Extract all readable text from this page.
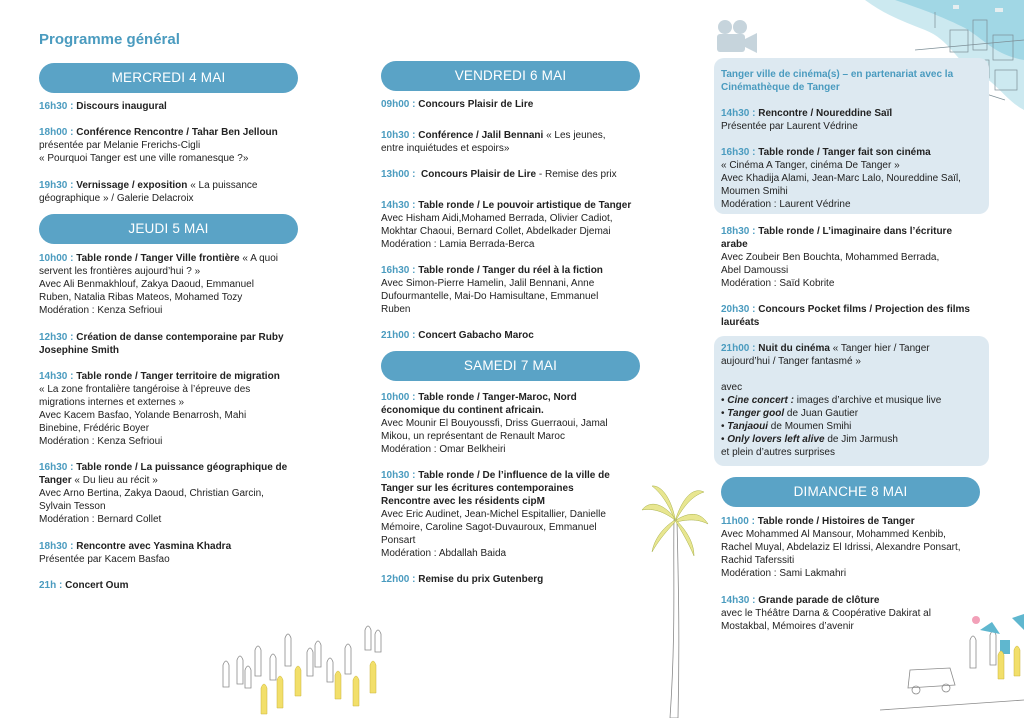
Programme général
MERCREDI 4 MAI
16h30 : Discours inaugural
18h00 : Conférence Rencontre / Tahar Ben Jelloun
présentée par Melanie Frerichs-Cigli
« Pourquoi Tanger est une ville romanesque ?»
19h30 : Vernissage / exposition « La puissance
géographique » / Galerie Delacroix
JEUDI 5 MAI
10h00 : Table ronde / Tanger Ville frontière « A quoi
servent les frontières aujourd’hui ? »
Avec Ali Benmakhlouf, Zakya Daoud, Emmanuel
Ruben, Natalia Ribas Mateos, Mohamed Tozy
Modération : Kenza Sefrioui
12h30 : Création de danse contemporaine par Ruby
Josephine Smith
14h30 : Table ronde / Tanger territoire de migration
« La zone frontalière tangéroise à l’épreuve des
migrations internes et externes »
Avec Kacem Basfao, Yolande Benarrosh, Mahi
Binebine, Frédéric Boyer
Modération : Kenza Sefrioui
16h30 : Table ronde / La puissance géographique de
Tanger « Du lieu au récit »
Avec Arno Bertina, Zakya Daoud, Christian Garcin,
Sylvain Tesson
Modération : Bernard Collet
18h30 : Rencontre avec Yasmina Khadra
Présentée par Kacem Basfao
21h : Concert Oum
VENDREDI 6 MAI
09h00 : Concours Plaisir de Lire
10h30 : Conférence / Jalil Bennani « Les jeunes,
entre inquiétudes et espoirs»
13h00 : Concours Plaisir de Lire - Remise des prix
14h30 : Table ronde / Le pouvoir artistique de Tanger
Avec Hisham Aidi,Mohamed Berrada, Olivier Cadiot,
Mokhtar Chaoui, Bernard Collet, Abdelkader Djemai
Modération : Lamia Berrada-Berca
16h30 : Table ronde / Tanger du réel à la fiction
Avec Simon-Pierre Hamelin, Jalil Bennani, Anne
Dufourmantelle, Mai-Do Hamisultane, Emmanuel
Ruben
21h00 : Concert Gabacho Maroc
SAMEDI 7 MAI
10h00 : Table ronde / Tanger-Maroc, Nord
économique du continent africain.
Avec Mounir El Bouyoussfi, Driss Guerraoui, Jamal
Mikou, un représentant de Renault Maroc
Modération : Omar Belkheiri
10h30 : Table ronde / De l’influence de la ville de
Tanger sur les écritures contemporaines
Rencontre avec les résidents cipM
Avec Eric Audinet, Jean-Michel Espitallier, Danielle
Mémoire, Caroline Sagot-Duvauroux, Emmanuel
Ponsart
Modération : Abdallah Baida
12h00 : Remise du prix Gutenberg
Tanger ville de cinéma(s) – en partenariat avec la
Cinémathèque de Tanger
14h30 : Rencontre / Noureddine Saïl
Présentée par Laurent Védrine
16h30 : Table ronde / Tanger fait son cinéma
« Cinéma A Tanger, cinéma De Tanger »
Avec Khadija Alami, Jean-Marc Lalo, Noureddine Saïl,
Moumen Smihi
Modération : Laurent Védrine
18h30 : Table ronde / L’imaginaire dans l’écriture
arabe
Avec Zoubeir Ben Bouchta, Mohammed Berrada,
Abel Damoussi
Modération : Saïd Kobrite
20h30 : Concours Pocket films / Projection des films
lauréats
21h00 : Nuit du cinéma « Tanger hier / Tanger
aujourd’hui / Tanger fantasmé »

avec
• Cine concert : images d’archive et musique live
• Tanger gool de Juan Gautier
• Tanjaoui de Moumen Smihi
• Only lovers left alive de Jim Jarmush
et plein d’autres surprises
DIMANCHE 8 MAI
11h00 : Table ronde / Histoires de Tanger
Avec Mohammed Al Mansour, Mohammed Kenbib,
Rachel Muyal, Abdelaziz El Idrissi, Alexandre Ponsart,
Rachid Taferssiti
Modération : Sami Lakmahri
14h30 : Grande parade de clôture
avec le Théâtre Darna & Coopérative Dakirat al
Mostakbal, Mémoires d’avenir
